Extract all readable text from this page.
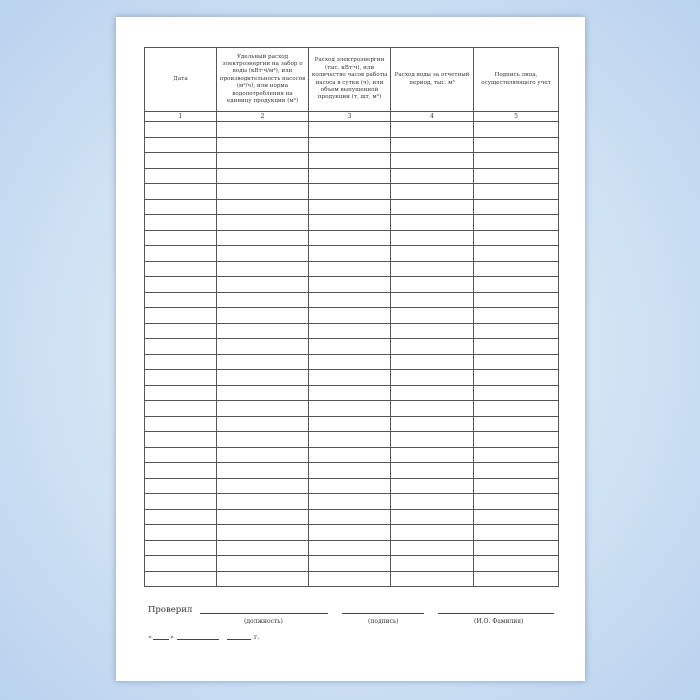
Дата	Удельный расход электроэнергии на забор о воды (кВт·ч/м³), или производительность насосов (м³/ч), или норма водопотребления на единицу продукции (м³)	Расход электроэнергии (тыс. кВт·ч), или количество часов работы насоса в сутки (ч), или объем выпущенной продукции (т, шт, м³)	Расход воды за отчетный период, тыс. м³	Подпись лица, осуществляющего учет
1	2	3	4	5

Проверил
(должность)	(подпись)	(И.О. Фамилия)
«	»	г.
